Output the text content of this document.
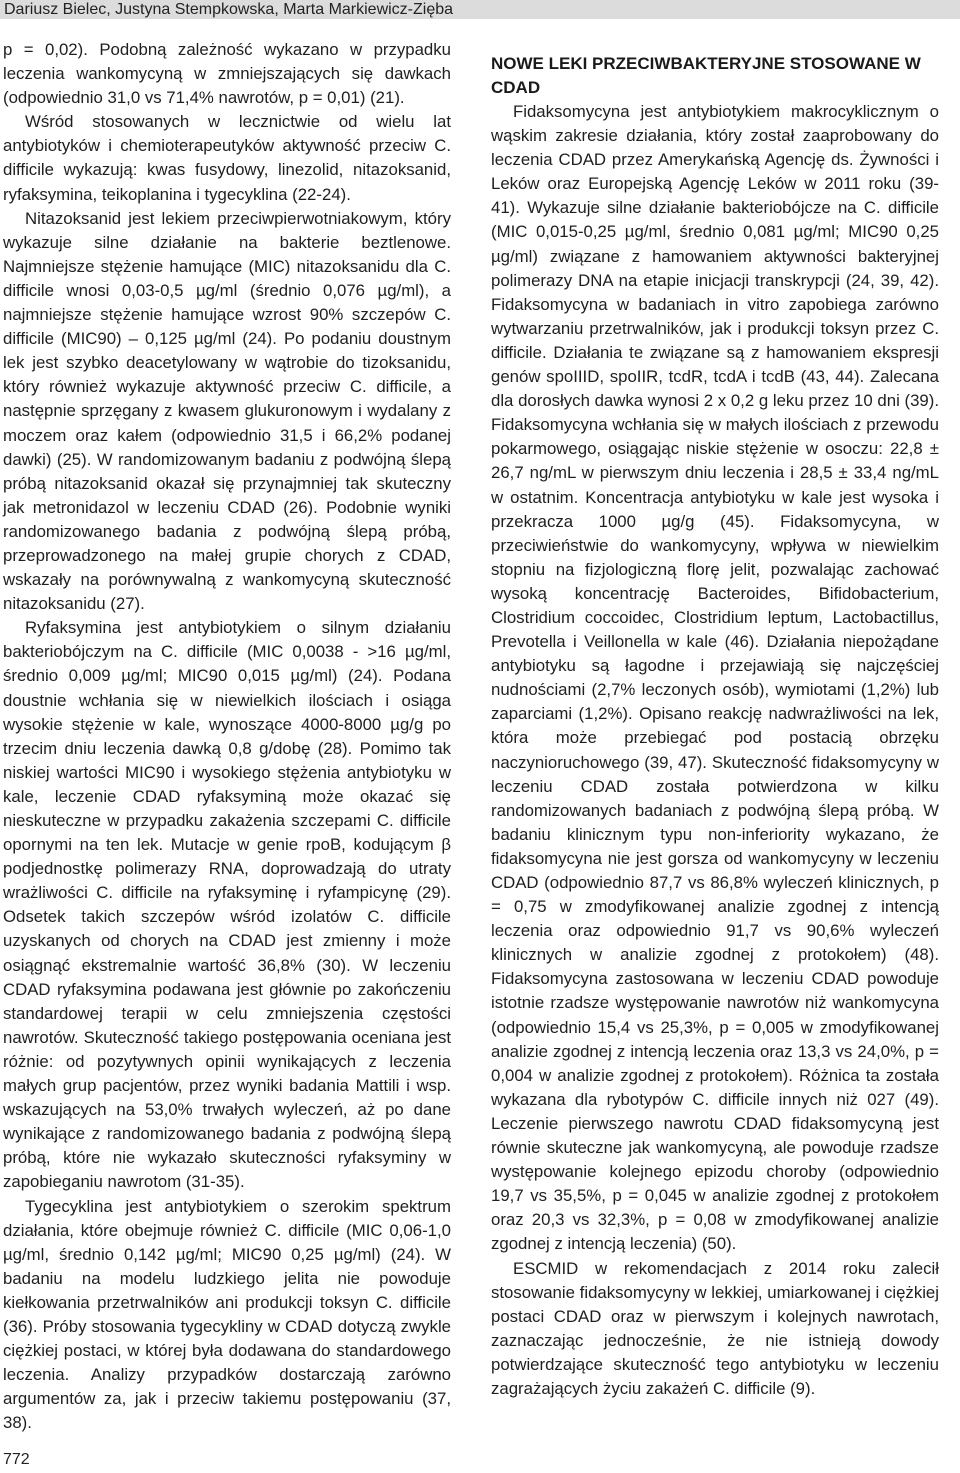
Dariusz Bielec, Justyna Stempkowska, Marta Markiewicz-Zięba

p = 0,02). Podobną zależność wykazano w przypadku leczenia wankomycyną w zmniejszających się dawkach (odpowiednio 31,0 vs 71,4% nawrotów, p = 0,01) (21).

Wśród stosowanych w lecznictwie od wielu lat antybiotyków i chemioterapeutyków aktywność przeciw C. difficile wykazują: kwas fusydowy, linezolid, nitazoksanid, ryfaksymina, teikoplanina i tygecyklina (22-24).

Nitazoksanid jest lekiem przeciwpierwotniakowym, który wykazuje silne działanie na bakterie beztlenowe. Najmniejsze stężenie hamujące (MIC) nitazoksanidu dla C. difficile wnosi 0,03-0,5 µg/ml (średnio 0,076 µg/ml), a najmniejsze stężenie hamujące wzrost 90% szczepów C. difficile (MIC90) – 0,125 µg/ml (24). Po podaniu doustnym lek jest szybko deacetylowany w wątrobie do tizoksanidu, który również wykazuje aktywność przeciw C. difficile, a następnie sprzęgany z kwasem glukuronowym i wydalany z moczem oraz kałem (odpowiednio 31,5 i 66,2% podanej dawki) (25). W randomizowanym badaniu z podwójną ślepą próbą nitazoksanid okazał się przynajmniej tak skuteczny jak metronidazol w leczeniu CDAD (26). Podobnie wyniki randomizowanego badania z podwójną ślepą próbą, przeprowadzonego na małej grupie chorych z CDAD, wskazały na porównywalną z wankomycyną skuteczność nitazoksanidu (27).

Ryfaksymina jest antybiotykiem o silnym działaniu bakteriobójczym na C. difficile (MIC 0,0038 - >16 µg/ml, średnio 0,009 µg/ml; MIC90 0,015 µg/ml) (24). Podana doustnie wchłania się w niewielkich ilościach i osiąga wysokie stężenie w kale, wynoszące 4000-8000 µg/g po trzecim dniu leczenia dawką 0,8 g/dobę (28). Pomimo tak niskiej wartości MIC90 i wysokiego stężenia antybiotyku w kale, leczenie CDAD ryfaksyminą może okazać się nieskuteczne w przypadku zakażenia szczepami C. difficile opornymi na ten lek. Mutacje w genie rpoB, kodującym β podjednostkę polimerazy RNA, doprowadzają do utraty wrażliwości C. difficile na ryfaksyminę i ryfampicynę (29). Odsetek takich szczepów wśród izolatów C. difficile uzyskanych od chorych na CDAD jest zmienny i może osiągnąć ekstremalnie wartość 36,8% (30). W leczeniu CDAD ryfaksymina podawana jest głównie po zakończeniu standardowej terapii w celu zmniejszenia częstości nawrotów. Skuteczność takiego postępowania oceniana jest różnie: od pozytywnych opinii wynikających z leczenia małych grup pacjentów, przez wyniki badania Mattili i wsp. wskazujących na 53,0% trwałych wyleczeń, aż po dane wynikające z randomizowanego badania z podwójną ślepą próbą, które nie wykazało skuteczności ryfaksyminy w zapobieganiu nawrotom (31-35).

Tygecyklina jest antybiotykiem o szerokim spektrum działania, które obejmuje również C. difficile (MIC 0,06-1,0 µg/ml, średnio 0,142 µg/ml; MIC90 0,25 µg/ml) (24). W badaniu na modelu ludzkiego jelita nie powoduje kiełkowania przetrwalników ani produkcji toksyn C. difficile (36). Próby stosowania tygecykliny w CDAD dotyczą zwykle ciężkiej postaci, w której była dodawana do standardowego leczenia. Analizy przypadków dostarczają zarówno argumentów za, jak i przeciw takiemu postępowaniu (37, 38).

NOWE LEKI PRZECIWBAKTERYJNE STOSOWANE W CDAD

Fidaksomycyna jest antybiotykiem makrocyklicznym o wąskim zakresie działania, który został zaaprobowany do leczenia CDAD przez Amerykańską Agencję ds. Żywności i Leków oraz Europejską Agencję Leków w 2011 roku (39-41). Wykazuje silne działanie bakteriobójcze na C. difficile (MIC 0,015-0,25 µg/ml, średnio 0,081 µg/ml; MIC90 0,25 µg/ml) związane z hamowaniem aktywności bakteryjnej polimerazy DNA na etapie inicjacji transkrypcji (24, 39, 42). Fidaksomycyna w badaniach in vitro zapobiega zarówno wytwarzaniu przetrwalników, jak i produkcji toksyn przez C. difficile. Działania te związane są z hamowaniem ekspresji genów spoIIID, spoIIR, tcdR, tcdA i tcdB (43, 44). Zalecana dla dorosłych dawka wynosi 2 x 0,2 g leku przez 10 dni (39). Fidaksomycyna wchłania się w małych ilościach z przewodu pokarmowego, osiągając niskie stężenie w osoczu: 22,8 ± 26,7 ng/mL w pierwszym dniu leczenia i 28,5 ± 33,4 ng/mL w ostatnim. Koncentracja antybiotyku w kale jest wysoka i przekracza 1000 µg/g (45). Fidaksomycyna, w przeciwieństwie do wankomycyny, wpływa w niewielkim stopniu na fizjologiczną florę jelit, pozwalając zachować wysoką koncentrację Bacteroides, Bifidobacterium, Clostridium coccoidec, Clostridium leptum, Lactobactillus, Prevotella i Veillonella w kale (46). Działania niepożądane antybiotyku są łagodne i przejawiają się najczęściej nudnościami (2,7% leczonych osób), wymiotami (1,2%) lub zaparciami (1,2%). Opisano reakcję nadwrażliwości na lek, która może przebiegać pod postacią obrzęku naczynioruchowego (39, 47). Skuteczność fidaksomycyny w leczeniu CDAD została potwierdzona w kilku randomizowanych badaniach z podwójną ślepą próbą. W badaniu klinicznym typu non-inferiority wykazano, że fidaksomycyna nie jest gorsza od wankomycyny w leczeniu CDAD (odpowiednio 87,7 vs 86,8% wyleczeń klinicznych, p = 0,75 w zmodyfikowanej analizie zgodnej z intencją leczenia oraz odpowiednio 91,7 vs 90,6% wyleczeń klinicznych w analizie zgodnej z protokołem) (48). Fidaksomycyna zastosowana w leczeniu CDAD powoduje istotnie rzadsze występowanie nawrotów niż wankomycyna (odpowiednio 15,4 vs 25,3%, p = 0,005 w zmodyfikowanej analizie zgodnej z intencją leczenia oraz 13,3 vs 24,0%, p = 0,004 w analizie zgodnej z protokołem). Różnica ta została wykazana dla rybotypów C. difficile innych niż 027 (49). Leczenie pierwszego nawrotu CDAD fidaksomycyną jest równie skuteczne jak wankomycyną, ale powoduje rzadsze występowanie kolejnego epizodu choroby (odpowiednio 19,7 vs 35,5%, p = 0,045 w analizie zgodnej z protokołem oraz 20,3 vs 32,3%, p = 0,08 w zmodyfikowanej analizie zgodnej z intencją leczenia) (50).

ESCMID w rekomendacjach z 2014 roku zalecił stosowanie fidaksomycyny w lekkiej, umiarkowanej i ciężkiej postaci CDAD oraz w pierwszym i kolejnych nawrotach, zaznaczając jednocześnie, że nie istnieją dowody potwierdzające skuteczność tego antybiotyku w leczeniu zagrażających życiu zakażeń C. difficile (9).

772
